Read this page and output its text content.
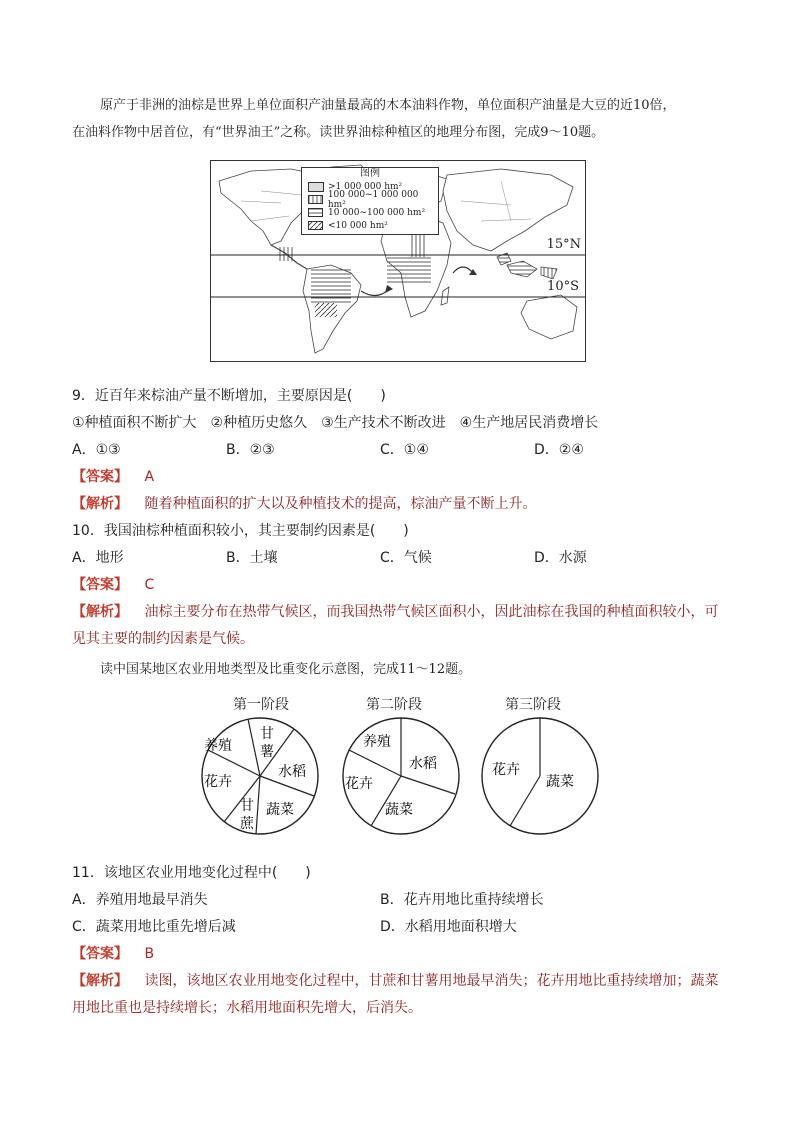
原产于非洲的油棕是世界上单位面积产油量最高的木本油料作物，单位面积产油量是大豆的近10倍，
在油料作物中居首位，有“世界油王”之称。读世界油棕种植区的地理分布图，完成9～10题。
图例
>1 000 000 hm²
100 000~1 000 000 hm²
10 000~100 000 hm²
<10 000 hm²
15°N
10°S
9．近百年来棕油产量不断增加，主要原因是(　　)
①种植面积不断扩大　②种植历史悠久　③生产技术不断改进　④生产地居民消费增长
A．①③	B．②③	C．①④	D．②④
【答案】 A
【解析】 随着种植面积的扩大以及种植技术的提高，棕油产量不断上升。
10．我国油棕种植面积较小，其主要制约因素是(　　)
A．地形	B．土壤	C．气候	D．水源
【答案】 C
【解析】 油棕主要分布在热带气候区，而我国热带气候区面积小，因此油棕在我国的种植面积较小，可
见其主要的制约因素是气候。
读中国某地区农业用地类型及比重变化示意图，完成11～12题。
第一阶段	第二阶段	第三阶段
养殖
甘
薯
水稻
蔬菜
甘
蔗
花卉
养殖
水稻
蔬菜
花卉
花卉
蔬菜
11．该地区农业用地变化过程中(　　)
A．养殖用地最早消失	B．花卉用地比重持续增长
C．蔬菜用地比重先增后减	D．水稻用地面积增大
【答案】 B
【解析】 读图，该地区农业用地变化过程中，甘蔗和甘薯用地最早消失；花卉用地比重持续增加；蔬菜
用地比重也是持续增长；水稻用地面积先增大，后消失。
